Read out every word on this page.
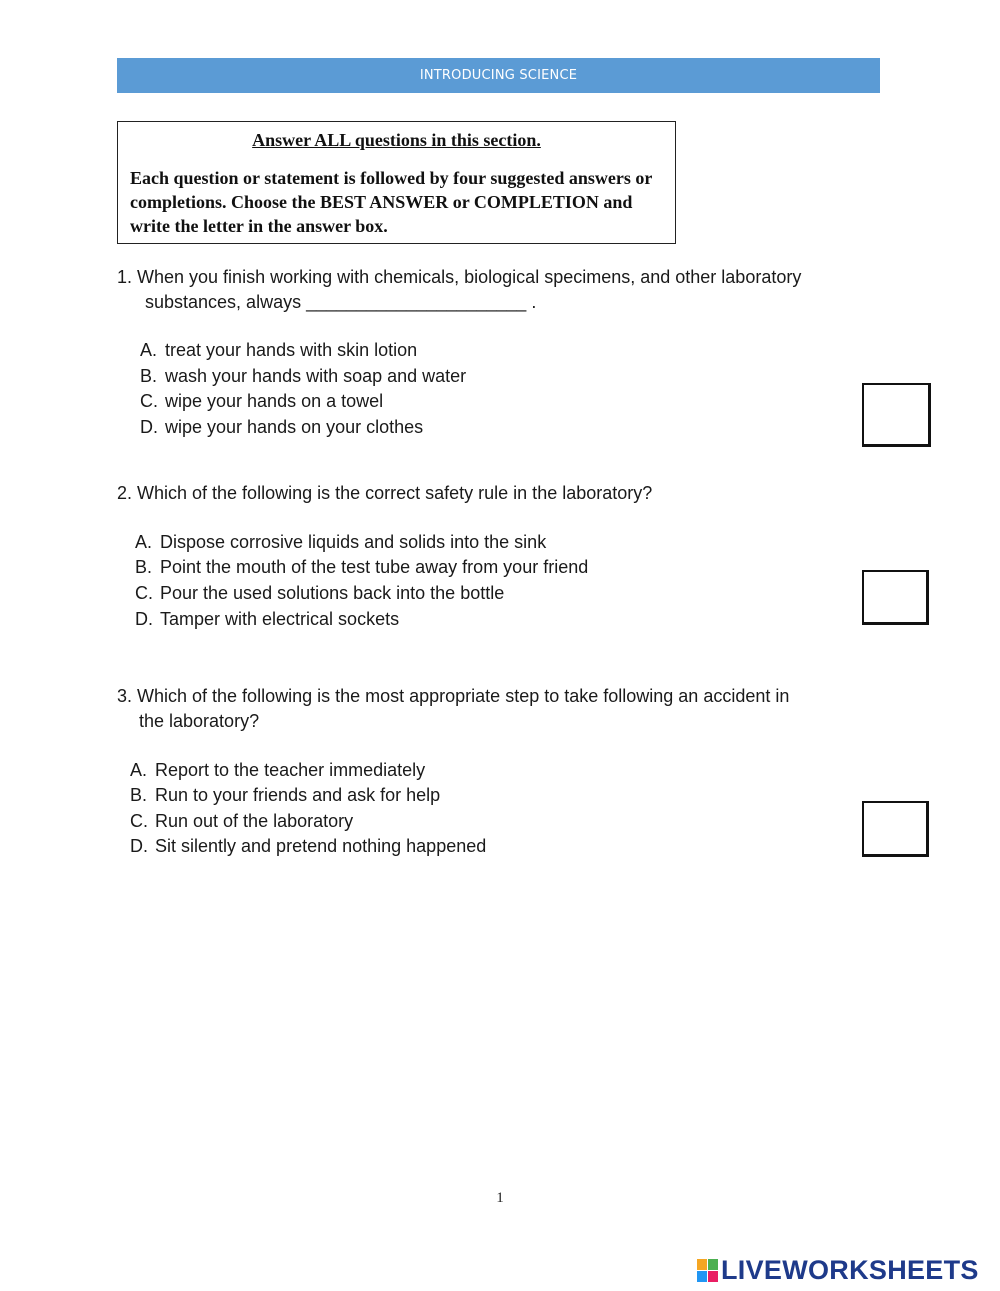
INTRODUCING SCIENCE
Answer ALL questions in this section.
Each question or statement is followed by four suggested answers or completions. Choose the BEST ANSWER or COMPLETION and write the letter in the answer box.
1. When you finish working with chemicals, biological specimens, and other laboratory
substances, always ______________________ .
A. treat your hands with skin lotion
B. wash your hands with soap and water
C. wipe your hands on a towel
D. wipe your hands on your clothes
2. Which of the following is the correct safety rule in the laboratory?
A. Dispose corrosive liquids and solids into the sink
B. Point the mouth of the test tube away from your friend
C. Pour the used solutions back into the bottle
D. Tamper with electrical sockets
3. Which of the following is the most appropriate step to take following an accident in
the laboratory?
A. Report to the teacher immediately
B. Run to your friends and ask for help
C. Run out of the laboratory
D. Sit silently and pretend nothing happened
1
LIVEWORKSHEETS
